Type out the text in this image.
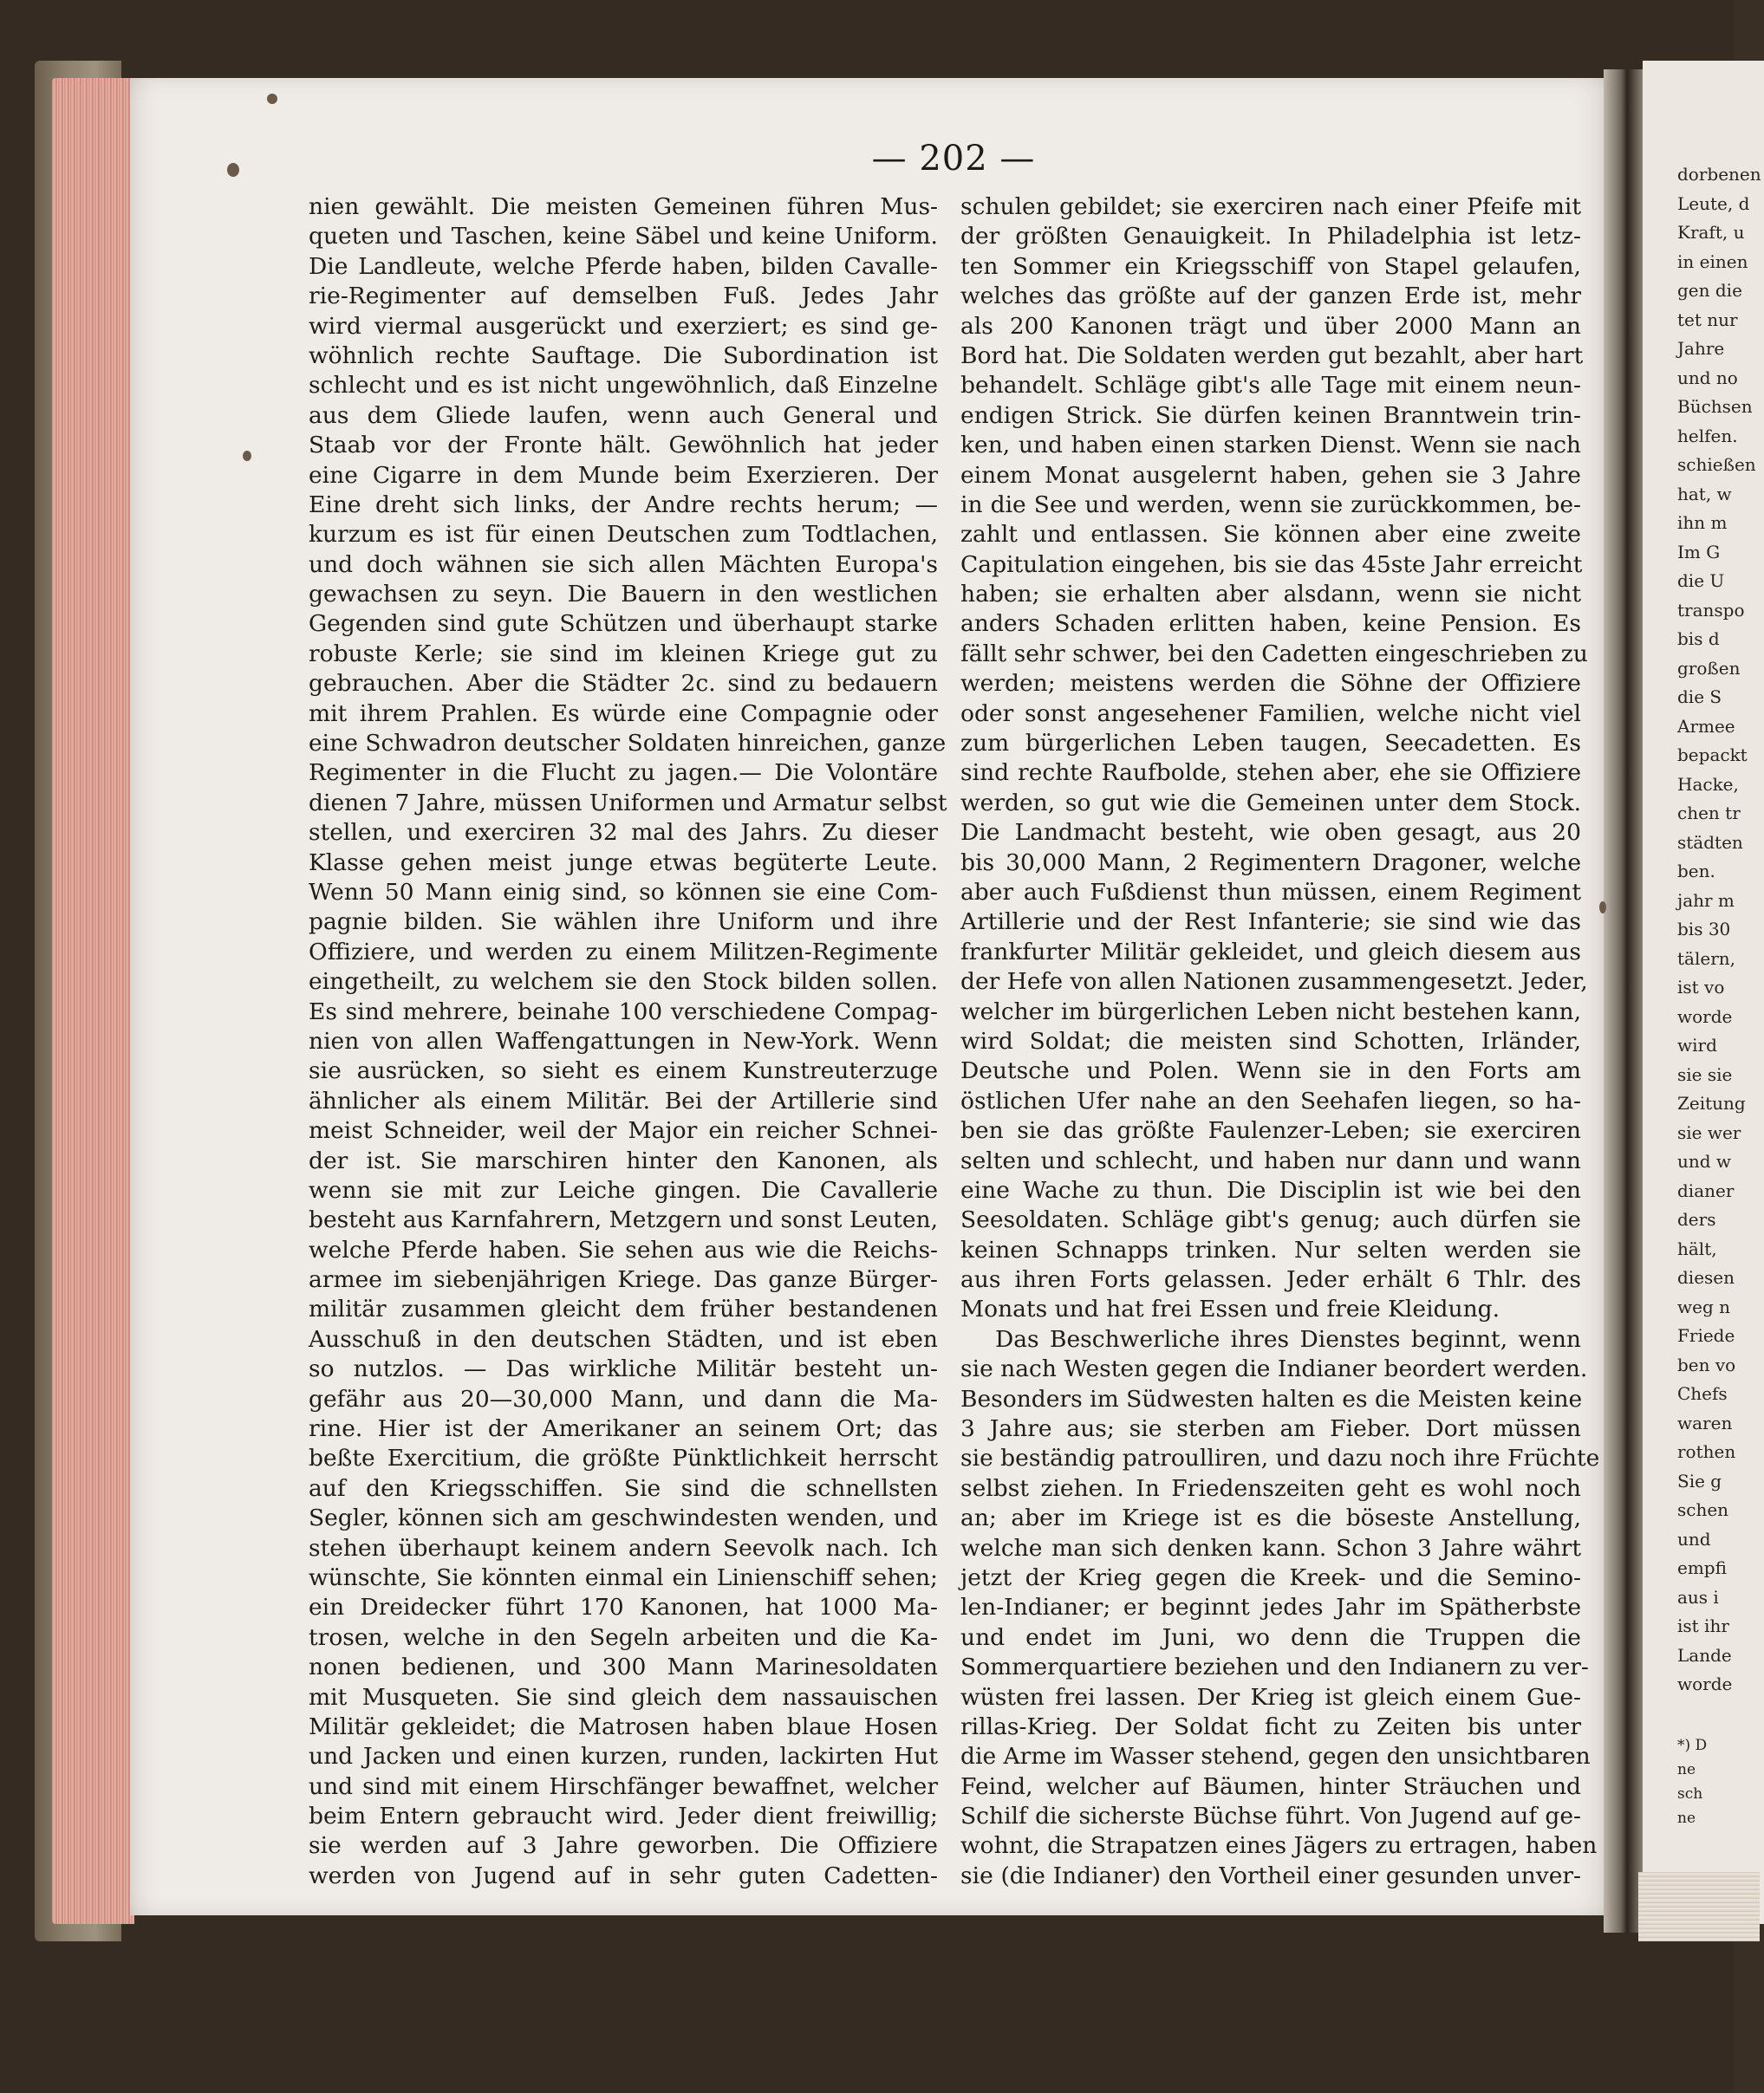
— 202 —
nien gewählt. Die meisten Gemeinen führen Mus-
queten und Taschen, keine Säbel und keine Uniform.
Die Landleute, welche Pferde haben, bilden Cavalle-
rie-Regimenter auf demselben Fuß. Jedes Jahr
wird viermal ausgerückt und exerziert; es sind ge-
wöhnlich rechte Sauftage. Die Subordination ist
schlecht und es ist nicht ungewöhnlich, daß Einzelne
aus dem Gliede laufen, wenn auch General und
Staab vor der Fronte hält. Gewöhnlich hat jeder
eine Cigarre in dem Munde beim Exerzieren. Der
Eine dreht sich links, der Andre rechts herum; —
kurzum es ist für einen Deutschen zum Todtlachen,
und doch wähnen sie sich allen Mächten Europa's
gewachsen zu seyn. Die Bauern in den westlichen
Gegenden sind gute Schützen und überhaupt starke
robuste Kerle; sie sind im kleinen Kriege gut zu
gebrauchen. Aber die Städter 2c. sind zu bedauern
mit ihrem Prahlen. Es würde eine Compagnie oder
eine Schwadron deutscher Soldaten hinreichen, ganze
Regimenter in die Flucht zu jagen.— Die Volontäre
dienen 7 Jahre, müssen Uniformen und Armatur selbst
stellen, und exerciren 32 mal des Jahrs. Zu dieser
Klasse gehen meist junge etwas begüterte Leute.
Wenn 50 Mann einig sind, so können sie eine Com-
pagnie bilden. Sie wählen ihre Uniform und ihre
Offiziere, und werden zu einem Militzen-Regimente
eingetheilt, zu welchem sie den Stock bilden sollen.
Es sind mehrere, beinahe 100 verschiedene Compag-
nien von allen Waffengattungen in New-York. Wenn
sie ausrücken, so sieht es einem Kunstreuterzuge
ähnlicher als einem Militär. Bei der Artillerie sind
meist Schneider, weil der Major ein reicher Schnei-
der ist. Sie marschiren hinter den Kanonen, als
wenn sie mit zur Leiche gingen. Die Cavallerie
besteht aus Karnfahrern, Metzgern und sonst Leuten,
welche Pferde haben. Sie sehen aus wie die Reichs-
armee im siebenjährigen Kriege. Das ganze Bürger-
militär zusammen gleicht dem früher bestandenen
Ausschuß in den deutschen Städten, und ist eben
so nutzlos. — Das wirkliche Militär besteht un-
gefähr aus 20—30,000 Mann, und dann die Ma-
rine. Hier ist der Amerikaner an seinem Ort; das
beßte Exercitium, die größte Pünktlichkeit herrscht
auf den Kriegsschiffen. Sie sind die schnellsten
Segler, können sich am geschwindesten wenden, und
stehen überhaupt keinem andern Seevolk nach. Ich
wünschte, Sie könnten einmal ein Linienschiff sehen;
ein Dreidecker führt 170 Kanonen, hat 1000 Ma-
trosen, welche in den Segeln arbeiten und die Ka-
nonen bedienen, und 300 Mann Marinesoldaten
mit Musqueten. Sie sind gleich dem nassauischen
Militär gekleidet; die Matrosen haben blaue Hosen
und Jacken und einen kurzen, runden, lackirten Hut
und sind mit einem Hirschfänger bewaffnet, welcher
beim Entern gebraucht wird. Jeder dient freiwillig;
sie werden auf 3 Jahre geworben. Die Offiziere
werden von Jugend auf in sehr guten Cadetten-
schulen gebildet; sie exerciren nach einer Pfeife mit
der größten Genauigkeit. In Philadelphia ist letz-
ten Sommer ein Kriegsschiff von Stapel gelaufen,
welches das größte auf der ganzen Erde ist, mehr
als 200 Kanonen trägt und über 2000 Mann an
Bord hat. Die Soldaten werden gut bezahlt, aber hart
behandelt. Schläge gibt's alle Tage mit einem neun-
endigen Strick. Sie dürfen keinen Branntwein trin-
ken, und haben einen starken Dienst. Wenn sie nach
einem Monat ausgelernt haben, gehen sie 3 Jahre
in die See und werden, wenn sie zurückkommen, be-
zahlt und entlassen. Sie können aber eine zweite
Capitulation eingehen, bis sie das 45ste Jahr erreicht
haben; sie erhalten aber alsdann, wenn sie nicht
anders Schaden erlitten haben, keine Pension. Es
fällt sehr schwer, bei den Cadetten eingeschrieben zu
werden; meistens werden die Söhne der Offiziere
oder sonst angesehener Familien, welche nicht viel
zum bürgerlichen Leben taugen, Seecadetten. Es
sind rechte Raufbolde, stehen aber, ehe sie Offiziere
werden, so gut wie die Gemeinen unter dem Stock.
Die Landmacht besteht, wie oben gesagt, aus 20
bis 30,000 Mann, 2 Regimentern Dragoner, welche
aber auch Fußdienst thun müssen, einem Regiment
Artillerie und der Rest Infanterie; sie sind wie das
frankfurter Militär gekleidet, und gleich diesem aus
der Hefe von allen Nationen zusammengesetzt. Jeder,
welcher im bürgerlichen Leben nicht bestehen kann,
wird Soldat; die meisten sind Schotten, Irländer,
Deutsche und Polen. Wenn sie in den Forts am
östlichen Ufer nahe an den Seehafen liegen, so ha-
ben sie das größte Faulenzer-Leben; sie exerciren
selten und schlecht, und haben nur dann und wann
eine Wache zu thun. Die Disciplin ist wie bei den
Seesoldaten. Schläge gibt's genug; auch dürfen sie
keinen Schnapps trinken. Nur selten werden sie
aus ihren Forts gelassen. Jeder erhält 6 Thlr. des
Monats und hat frei Essen und freie Kleidung.
Das Beschwerliche ihres Dienstes beginnt, wenn
sie nach Westen gegen die Indianer beordert werden.
Besonders im Südwesten halten es die Meisten keine
3 Jahre aus; sie sterben am Fieber. Dort müssen
sie beständig patroulliren, und dazu noch ihre Früchte
selbst ziehen. In Friedenszeiten geht es wohl noch
an; aber im Kriege ist es die böseste Anstellung,
welche man sich denken kann. Schon 3 Jahre währt
jetzt der Krieg gegen die Kreek- und die Semino-
len-Indianer; er beginnt jedes Jahr im Spätherbste
und endet im Juni, wo denn die Truppen die
Sommerquartiere beziehen und den Indianern zu ver-
wüsten frei lassen. Der Krieg ist gleich einem Gue-
rillas-Krieg. Der Soldat ficht zu Zeiten bis unter
die Arme im Wasser stehend, gegen den unsichtbaren
Feind, welcher auf Bäumen, hinter Sträuchen und
Schilf die sicherste Büchse führt. Von Jugend auf ge-
wohnt, die Strapatzen eines Jägers zu ertragen, haben
sie (die Indianer) den Vortheil einer gesunden unver-
dorbenen
Leute, d
Kraft, u
in einen
gen die
tet nur
Jahre
und no
Büchsen
helfen.
schießen
hat, w
ihn m
Im G
die U
transpo
bis d
großen
die S
Armee
bepackt
Hacke,
chen tr
städten
ben.
jahr m
bis 30
tälern,
ist vo
worde
wird
sie sie
Zeitung
sie wer
und w
dianer
ders
hält,
diesen
weg n
Friede
ben vo
Chefs
waren
rothen
Sie g
schen
und
empfi
aus i
ist ihr
Lande
worde
*) D
ne
sch
ne
